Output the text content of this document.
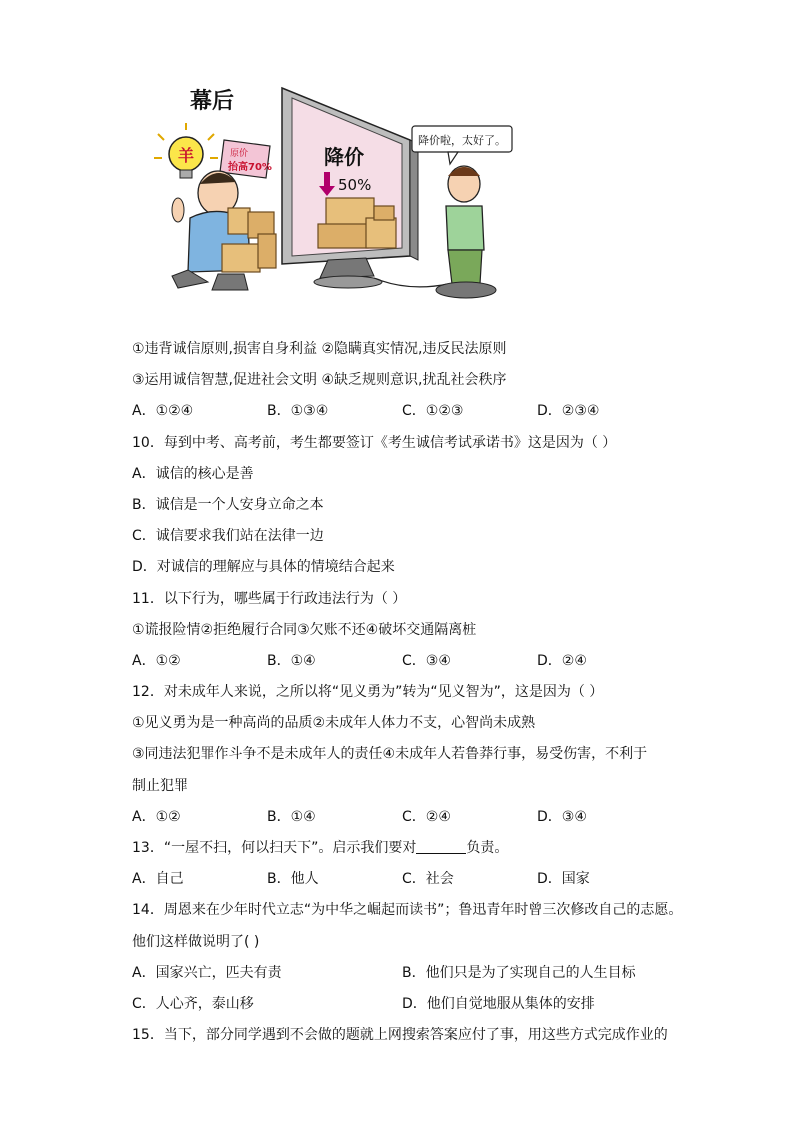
幕后
羊	原价
抬高70%	降价
50%
降价啦，太好了。
①违背诚信原则,损害自身利益 ②隐瞒真实情况,违反民法原则
③运用诚信智慧,促进社会文明 ④缺乏规则意识,扰乱社会秩序
A．①②④	B．①③④	C．①②③	D．②③④
10．每到中考、高考前，考生都要签订《考生诚信考试承诺书》这是因为（ ）
A．诚信的核心是善
B．诚信是一个人安身立命之本
C．诚信要求我们站在法律一边
D．对诚信的理解应与具体的情境结合起来
11．以下行为，哪些属于行政违法行为（ ）
①谎报险情②拒绝履行合同③欠账不还④破坏交通隔离桩
A．①②	B．①④	C．③④	D．②④
12．对未成年人来说，之所以将“见义勇为”转为“见义智为”，这是因为（ ）
①见义勇为是一种高尚的品质②未成年人体力不支，心智尚未成熟
③同违法犯罪作斗争不是未成年人的责任④未成年人若鲁莽行事，易受伤害，不利于
制止犯罪
A．①②	B．①④	C．②④	D．③④
13．“一屋不扫，何以扫天下”。启示我们要对	负责。
A．自己	B．他人	C．社会	D．国家
14．周恩来在少年时代立志“为中华之崛起而读书”；鲁迅青年时曾三次修改自己的志愿。
他们这样做说明了( )
A．国家兴亡，匹夫有责	B．他们只是为了实现自己的人生目标
C．人心齐，泰山移	D．他们自觉地服从集体的安排
15．当下，部分同学遇到不会做的题就上网搜索答案应付了事，用这些方式完成作业的
